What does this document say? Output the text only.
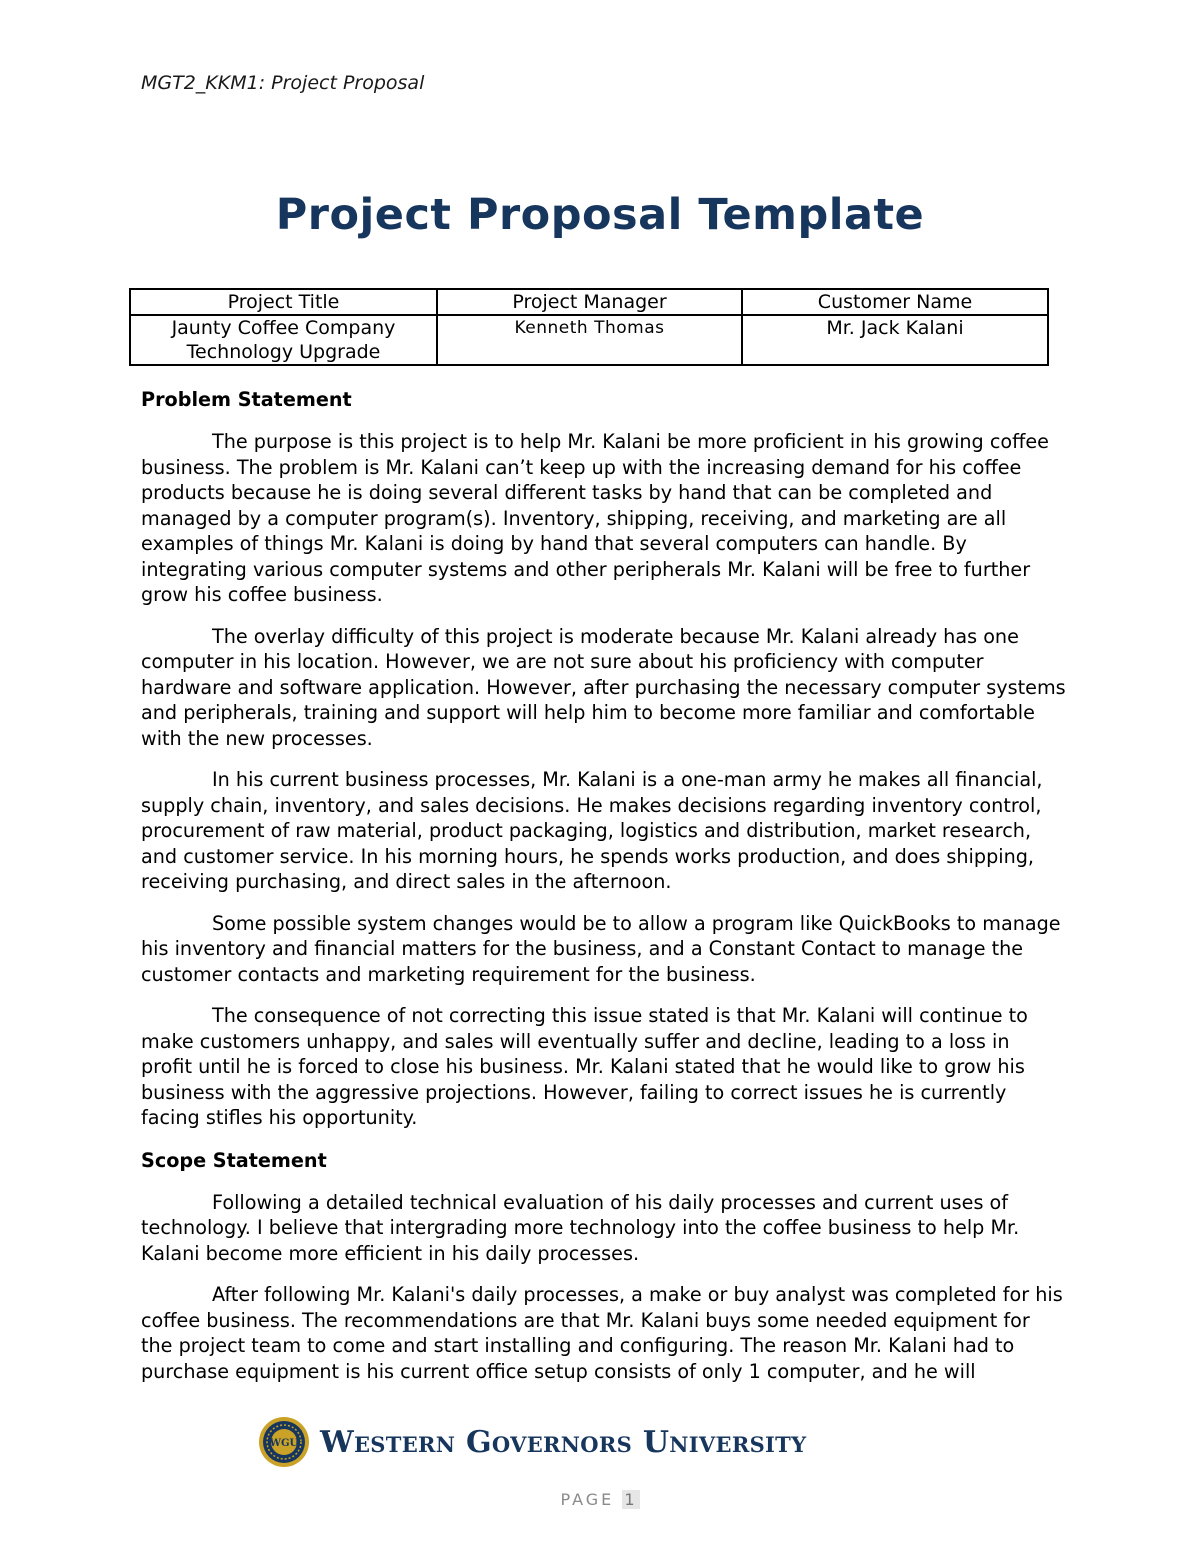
MGT2_KKM1: Project Proposal
Project Proposal Template
Project Title	Project Manager	Customer Name
Jaunty Coffee Company Technology Upgrade	Kenneth Thomas	Mr. Jack Kalani
Problem Statement

The purpose is this project is to help Mr. Kalani be more proficient in his growing coffee business. The problem is Mr. Kalani can’t keep up with the increasing demand for his coffee products because he is doing several different tasks by hand that can be completed and managed by a computer program(s). Inventory, shipping, receiving, and marketing are all examples of things Mr. Kalani is doing by hand that several computers can handle. By integrating various computer systems and other peripherals Mr. Kalani will be free to further grow his coffee business.

The overlay difficulty of this project is moderate because Mr. Kalani already has one computer in his location. However, we are not sure about his proficiency with computer hardware and software application. However, after purchasing the necessary computer systems and peripherals, training and support will help him to become more familiar and comfortable with the new processes.

In his current business processes, Mr. Kalani is a one-man army he makes all financial, supply chain, inventory, and sales decisions. He makes decisions regarding inventory control, procurement of raw material, product packaging, logistics and distribution, market research, and customer service. In his morning hours, he spends works production, and does shipping, receiving purchasing, and direct sales in the afternoon.

Some possible system changes would be to allow a program like QuickBooks to manage his inventory and financial matters for the business, and a Constant Contact to manage the customer contacts and marketing requirement for the business.

The consequence of not correcting this issue stated is that Mr. Kalani will continue to make customers unhappy, and sales will eventually suffer and decline, leading to a loss in profit until he is forced to close his business. Mr. Kalani stated that he would like to grow his business with the aggressive projections. However, failing to correct issues he is currently facing stifles his opportunity.

Scope Statement

Following a detailed technical evaluation of his daily processes and current uses of technology. I believe that intergrading more technology into the coffee business to help Mr. Kalani become more efficient in his daily processes.

After following Mr. Kalani's daily processes, a make or buy analyst was completed for his coffee business. The recommendations are that Mr. Kalani buys some needed equipment for the project team to come and start installing and configuring. The reason Mr. Kalani had to purchase equipment is his current office setup consists of only 1 computer, and he will

WGU Western Governors University
PAGE 1
